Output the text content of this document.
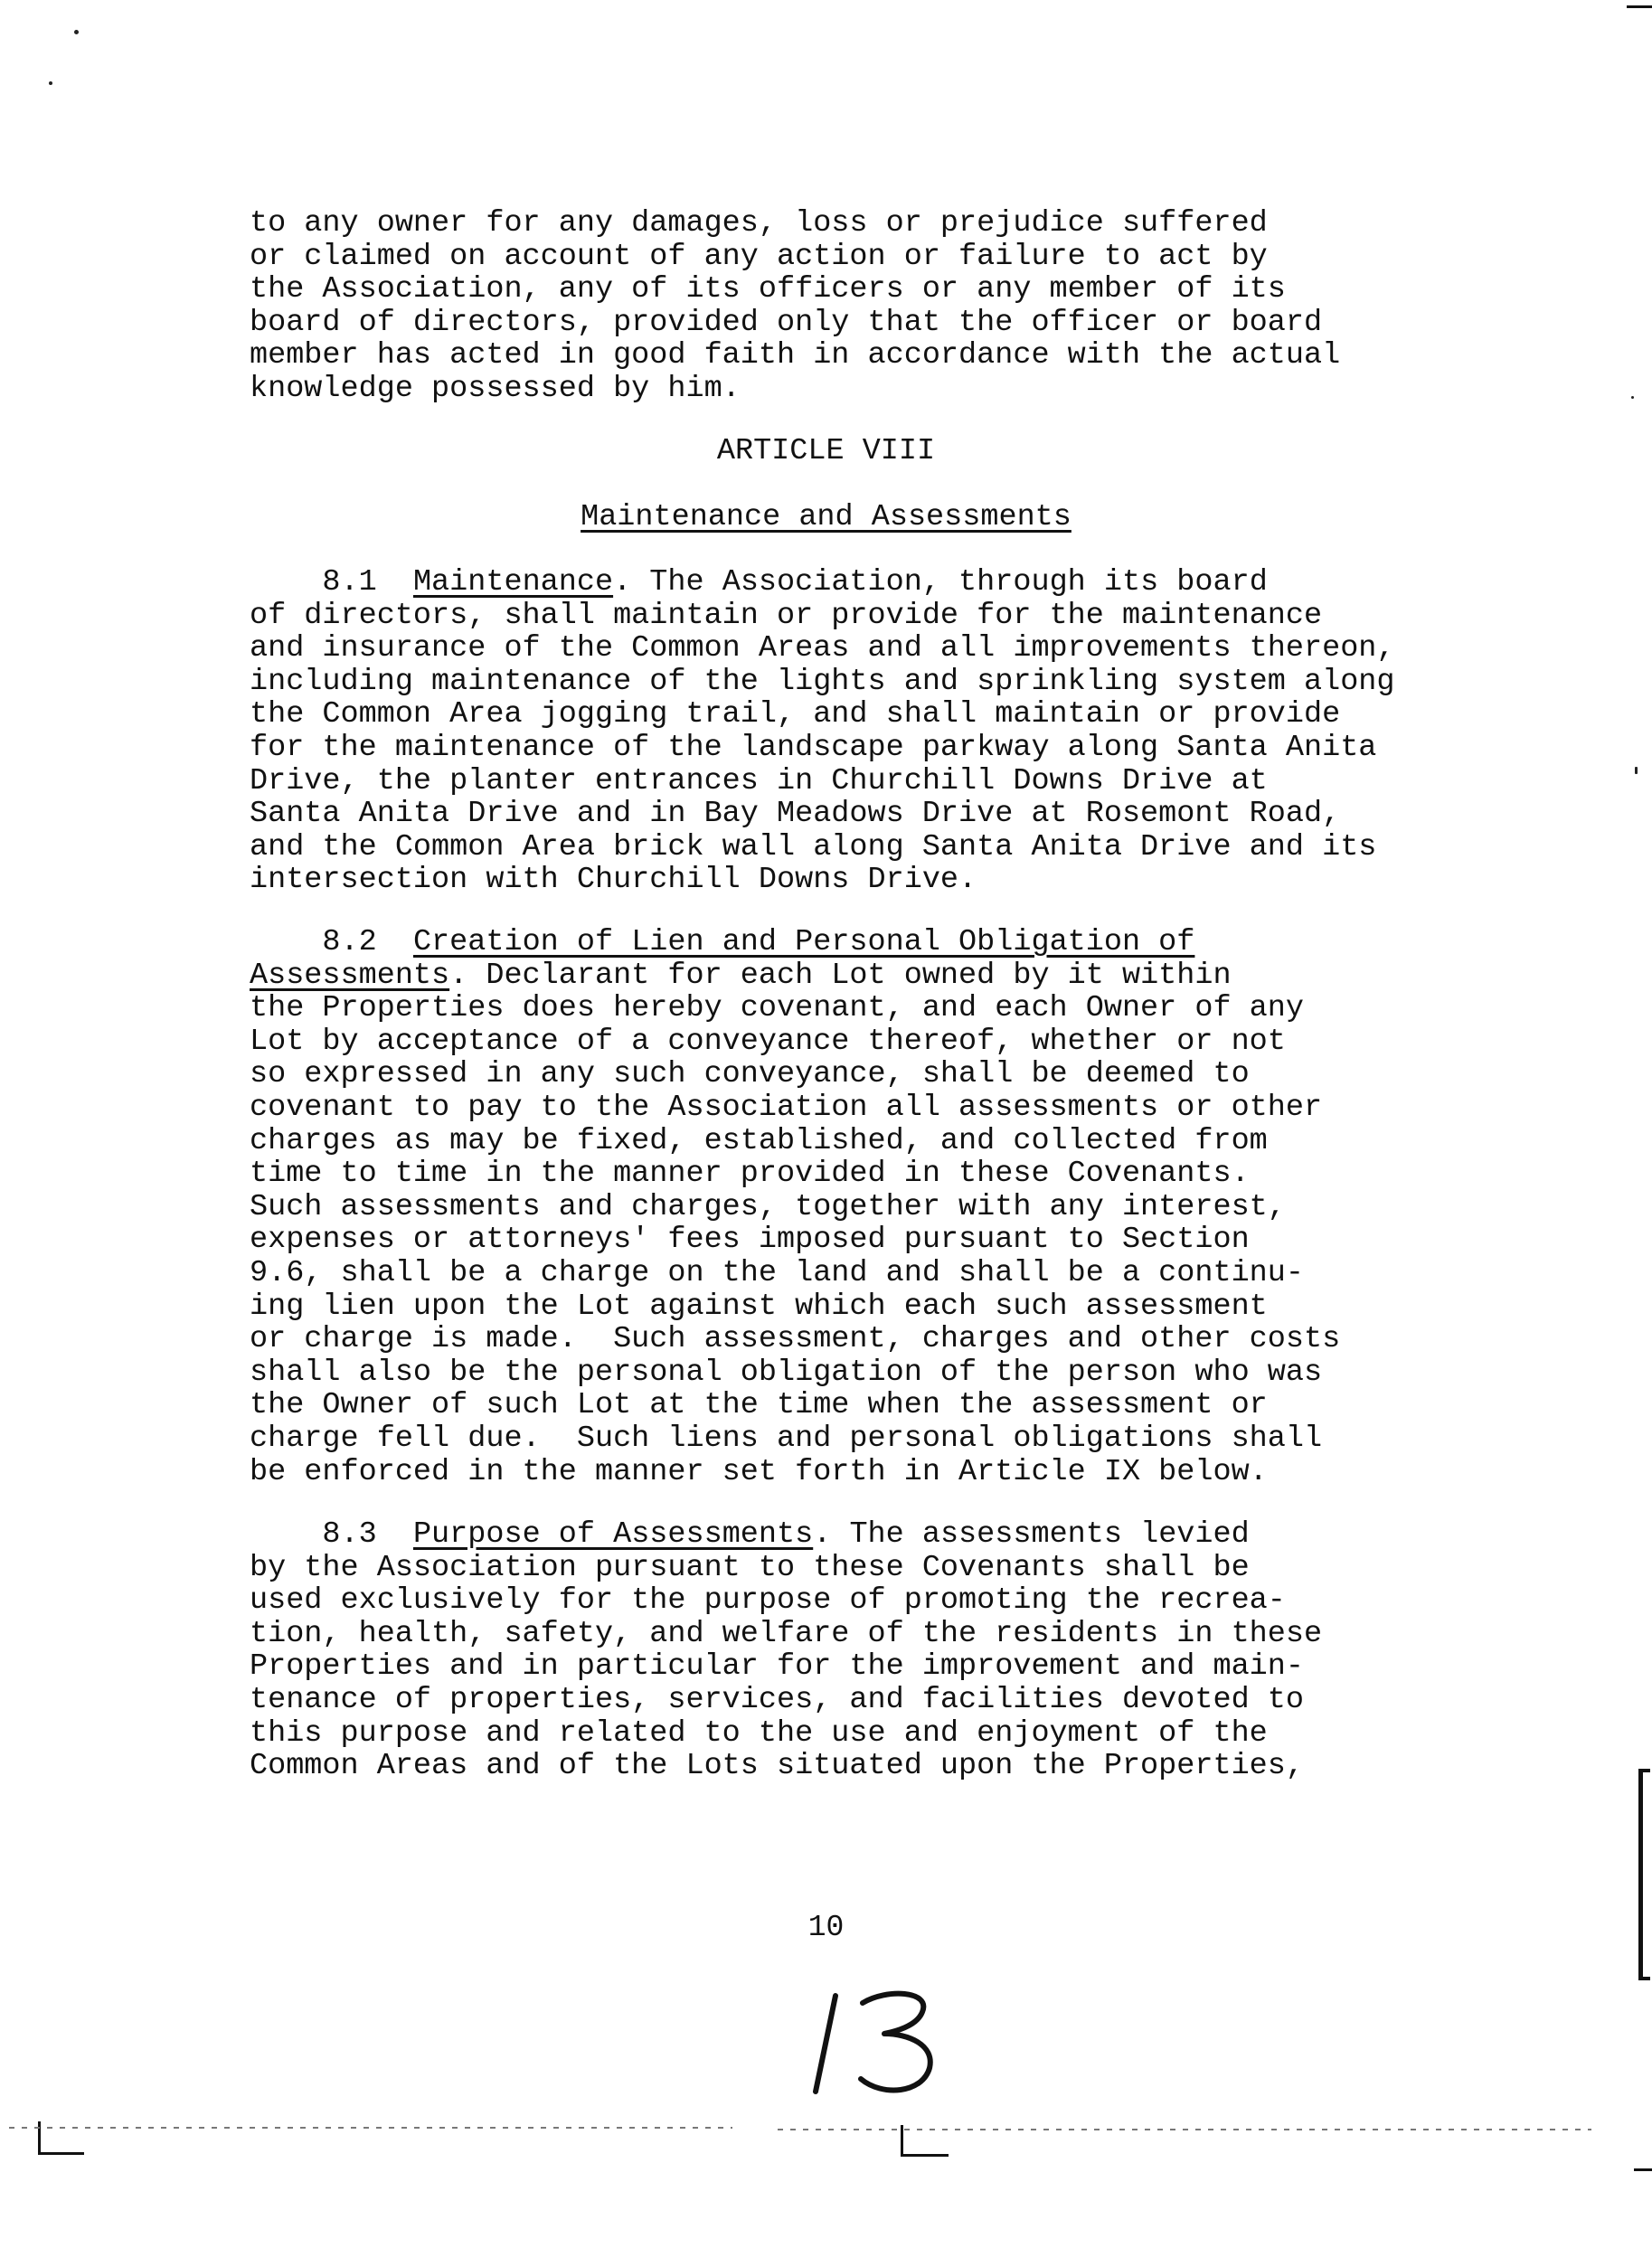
to any owner for any damages, loss or prejudice suffered
or claimed on account of any action or failure to act by
the Association, any of its officers or any member of its
board of directors, provided only that the officer or board
member has acted in good faith in accordance with the actual
knowledge possessed by him.
ARTICLE VIII
Maintenance and Assessments
8.1 Maintenance. The Association, through its board
of directors, shall maintain or provide for the maintenance
and insurance of the Common Areas and all improvements thereon,
including maintenance of the lights and sprinkling system along
the Common Area jogging trail, and shall maintain or provide
for the maintenance of the landscape parkway along Santa Anita
Drive, the planter entrances in Churchill Downs Drive at
Santa Anita Drive and in Bay Meadows Drive at Rosemont Road,
and the Common Area brick wall along Santa Anita Drive and its
intersection with Churchill Downs Drive.
8.2 Creation of Lien and Personal Obligation of
Assessments. Declarant for each Lot owned by it within
the Properties does hereby covenant, and each Owner of any
Lot by acceptance of a conveyance thereof, whether or not
so expressed in any such conveyance, shall be deemed to
covenant to pay to the Association all assessments or other
charges as may be fixed, established, and collected from
time to time in the manner provided in these Covenants.
Such assessments and charges, together with any interest,
expenses or attorneys' fees imposed pursuant to Section
9.6, shall be a charge on the land and shall be a continu-
ing lien upon the Lot against which each such assessment
or charge is made.  Such assessment, charges and other costs
shall also be the personal obligation of the person who was
the Owner of such Lot at the time when the assessment or
charge fell due.  Such liens and personal obligations shall
be enforced in the manner set forth in Article IX below.
8.3 Purpose of Assessments. The assessments levied
by the Association pursuant to these Covenants shall be
used exclusively for the purpose of promoting the recrea-
tion, health, safety, and welfare of the residents in these
Properties and in particular for the improvement and main-
tenance of properties, services, and facilities devoted to
this purpose and related to the use and enjoyment of the
Common Areas and of the Lots situated upon the Properties,
10
